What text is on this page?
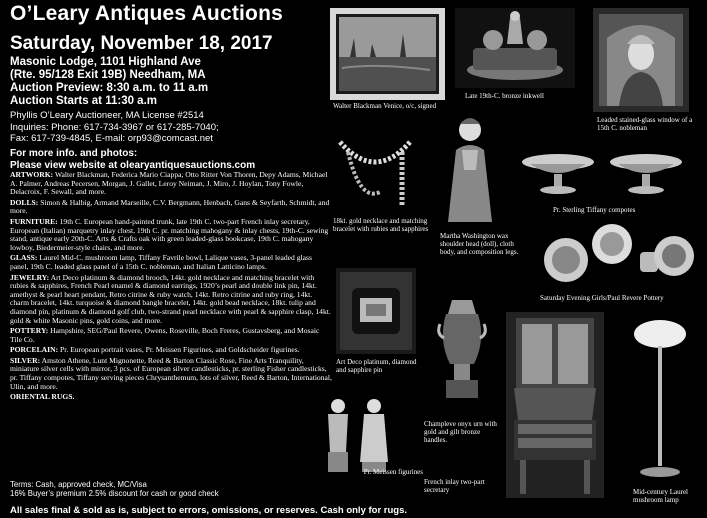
O’Leary Antiques Auctions
Saturday, November 18, 2017
Masonic Lodge, 1101 Highland Ave
(Rte. 95/128 Exit 19B) Needham, MA
Auction Preview: 8:30 a.m. to 11 a.m
Auction Starts at 11:30 a.m
Phyllis O’Leary Auctioneer, MA License #2514
Inquiries: Phone: 617-734-3967 or 617-285-7040;
Fax: 617-739-4845, E-mail: orp93@comcast.net
For more info. and photos:
Please view website at olearyantiquesauctions.com

ARTWORK: Walter Blackman, Federica Mario Ciappa, Otto Ritter Von Thoren, Depy Adams, Michael A. Palmer, Andreas Pecersen, Morgan, J. Gallet, Leroy Neiman, J. Miro, J. Hoylan, Tony Fowle, Delacroix, F. Sewall, and more.

DOLLS: Simon & Halbig, Armand Marseille, C.V. Bergmann, Henbach, Gans & Seyfarth, Schmidt, and more.

FURNITURE: 19th C. European hand-painted trunk, late 19th C. two-part French inlay secretary, European (Italian) marquetry inlay chest, 19th C. pr. matching mahogany & inlay chests, 19th-C. sewing stand, antique early 20th-C. Arts & Crafts oak with green leaded-glass bookcase, 19th C. mahogany lowboy, Biedermeier-style chairs, and more.

GLASS: Laurel Mid-C. mushroom lamp, Tiffany Favrile bowl, Lalique vases, 3-panel leaded glass panel, 19th C. leaded glass panel of a 15th C. nobleman, and Italian Latticino lamps.

JEWELRY: Art Deco platinum & diamond brooch, 14kt. gold necklace and matching bracelet with rubies & sapphires, French Pearl enamel & diamond earrings, 1920’s pearl and double link pin, 14kt. amethyst & pearl heart pendant, Retro citrine & ruby watch, 14kt. Retro citrine and ruby ring, 14kt. charm bracelet, 14kt. turquoise & diamond bangle bracelet, 14kt. gold bead necklace, 18kt. tulip and diamond pin, platinum & diamond golf club, two-strand pearl necklace with pearl & sapphire clasp, 14kt. gold & white Masonic pins, gold coins, and more.

POTTERY: Hampshire, SEG/Paul Revere, Owens, Roseville, Boch Freres, Gustavsberg, and Mosaic Tile Co.

PORCELAIN: Pr. European portrait vases, Pr. Meissen Figurines, and Goldscheider figurines.

SILVER: Amston Athene, Lunt Mignonette, Reed & Barton Classic Rose, Fine Arts Tranquility, miniature silver cells with mirror, 3 pcs. of European silver candlesticks, pr. sterling Fisher candlesticks, pr. Tiffany compotes, Tiffany serving pieces Chrysanthemum, lots of silver, Reed & Barton, International, Ulin, and more.

ORIENTAL RUGS.

Terms: Cash, approved check, MC/Visa
16% Buyer’s premium 2.5% discount for cash or good check
All sales final & sold as is, subject to errors, omissions, or reserves. Cash only for rugs.
Walter Blackman Venice, o/c, signed
Late 19th-C. bronze inkwell
Leaded stained-glass window of a 15th C. nobleman
18kt. gold necklace and matching bracelet with rubies and sapphires
Martha Washington wax shoulder head (doll), cloth body, and composition legs.
Pr. Sterling Tiffany compotes
Saturday Evening Girls/Paul Revere Pottery
Art Deco platinum, diamond and sapphire pin
Champleve onyx urn with gold and gilt bronze handles.
French inlay two-part secretary
Pr. Meissen figurines
Mid-century Laurel mushroom lamp
